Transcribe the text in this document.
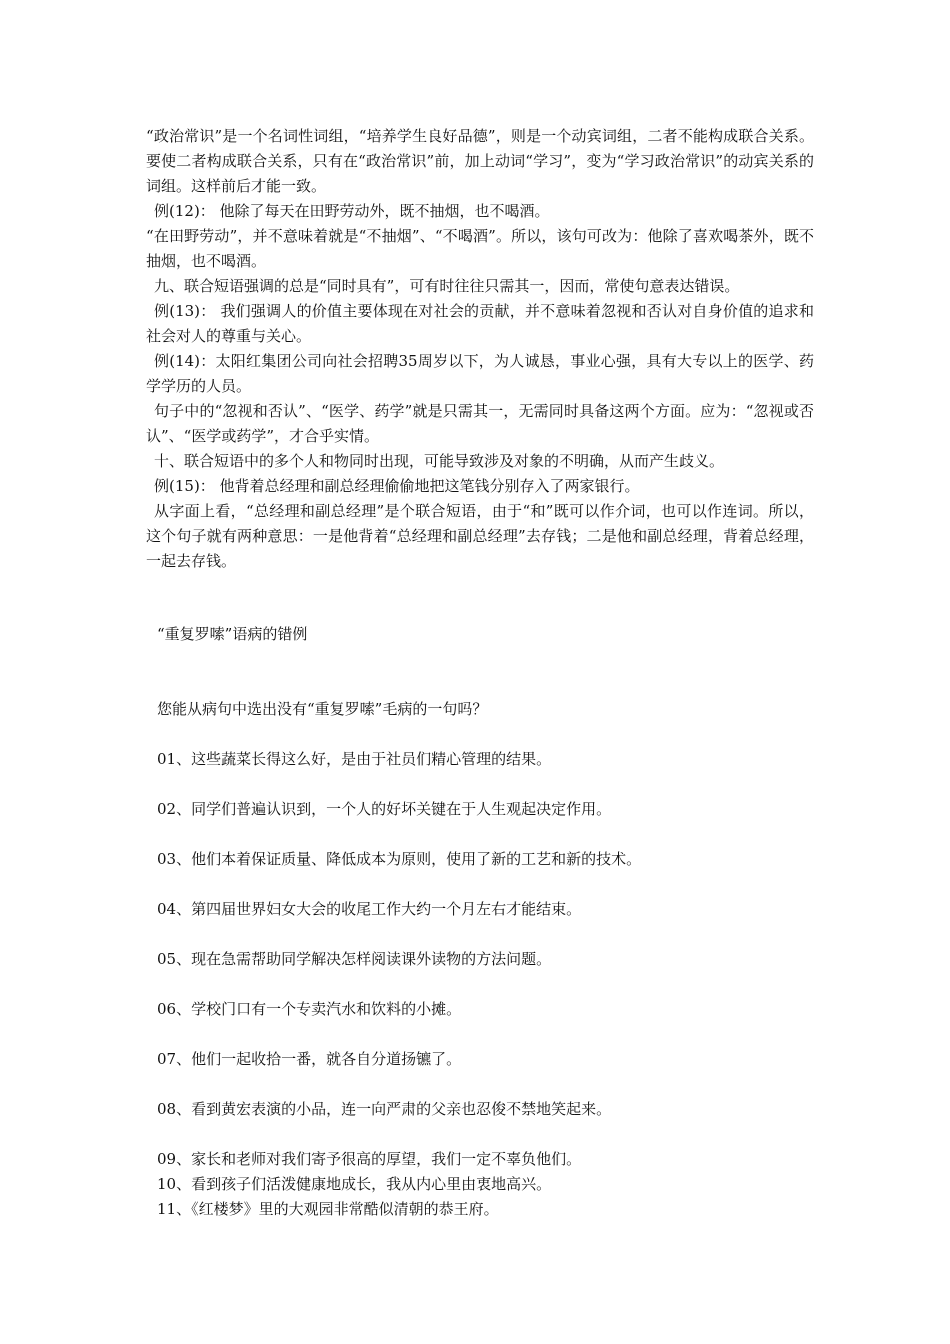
“政治常识”是一个名词性词组，“培养学生良好品德”，则是一个动宾词组，二者不能构成联合关系。要使二者构成联合关系，只有在“政治常识”前，加上动词“学习”，变为“学习政治常识”的动宾关系的词组。这样前后才能一致。

例(12)： 他除了每天在田野劳动外，既不抽烟，也不喝酒。

“在田野劳动”，并不意味着就是“不抽烟”、“不喝酒”。所以，该句可改为：他除了喜欢喝茶外，既不抽烟，也不喝酒。

九、联合短语强调的总是“同时具有”，可有时往往只需其一，因而，常使句意表达错误。

例(13)： 我们强调人的价值主要体现在对社会的贡献，并不意味着忽视和否认对自身价值的追求和社会对人的尊重与关心。

例(14)：太阳红集团公司向社会招聘35周岁以下，为人诚恳，事业心强，具有大专以上的医学、药学学历的人员。

句子中的“忽视和否认”、“医学、药学”就是只需其一，无需同时具备这两个方面。应为：“忽视或否认”、“医学或药学”，才合乎实情。

十、联合短语中的多个人和物同时出现，可能导致涉及对象的不明确，从而产生歧义。

例(15)： 他背着总经理和副总经理偷偷地把这笔钱分别存入了两家银行。

从字面上看，“总经理和副总经理”是个联合短语，由于“和”既可以作介词，也可以作连词。所以，这个句子就有两种意思：一是他背着“总经理和副总经理”去存钱；二是他和副总经理，背着总经理，一起去存钱。

“重复罗嗦”语病的错例
您能从病句中选出没有“重复罗嗦”毛病的一句吗？
01、这些蔬菜长得这么好，是由于社员们精心管理的结果。
02、同学们普遍认识到，一个人的好坏关键在于人生观起决定作用。
03、他们本着保证质量、降低成本为原则，使用了新的工艺和新的技术。
04、第四届世界妇女大会的收尾工作大约一个月左右才能结束。
05、现在急需帮助同学解决怎样阅读课外读物的方法问题。
06、学校门口有一个专卖汽水和饮料的小摊。
07、他们一起收拾一番，就各自分道扬镳了。
08、看到黄宏表演的小品，连一向严肃的父亲也忍俊不禁地笑起来。
09、家长和老师对我们寄予很高的厚望，我们一定不辜负他们。
10、看到孩子们活泼健康地成长，我从内心里由衷地高兴。
11、《红楼梦》里的大观园非常酷似清朝的恭王府。
